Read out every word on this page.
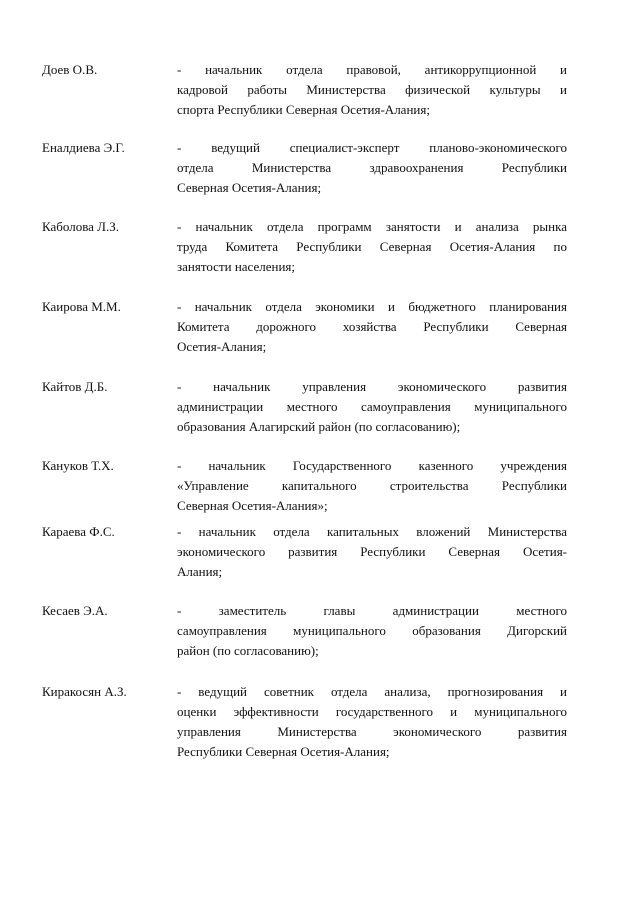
Доев О.В.	- начальник отдела правовой, антикоррупционной и
кадровой работы Министерства физической культуры и
спорта Республики Северная Осетия-Алания;
Еналдиева Э.Г.	- ведущий специалист-эксперт планово-экономического
отдела Министерства здравоохранения Республики
Северная Осетия-Алания;
Каболова Л.З.	- начальник отдела программ занятости и анализа рынка
труда Комитета Республики Северная Осетия-Алания по
занятости населения;
Каирова М.М.	- начальник отдела экономики и бюджетного планирования
Комитета дорожного хозяйства Республики Северная
Осетия-Алания;
Кайтов Д.Б.	- начальник управления экономического развития
администрации местного самоуправления муниципального
образования Алагирский район (по согласованию);
Кануков Т.Х.	- начальник Государственного казенного учреждения
«Управление капитального строительства Республики
Северная Осетия-Алания»;
Караева Ф.С.	- начальник отдела капитальных вложений Министерства
экономического развития Республики Северная Осетия-
Алания;
Кесаев Э.А.	- заместитель главы администрации местного
самоуправления муниципального образования Дигорский
район (по согласованию);
Киракосян А.З.	- ведущий советник отдела анализа, прогнозирования и
оценки эффективности государственного и муниципального
управления Министерства экономического развития
Республики Северная Осетия-Алания;
